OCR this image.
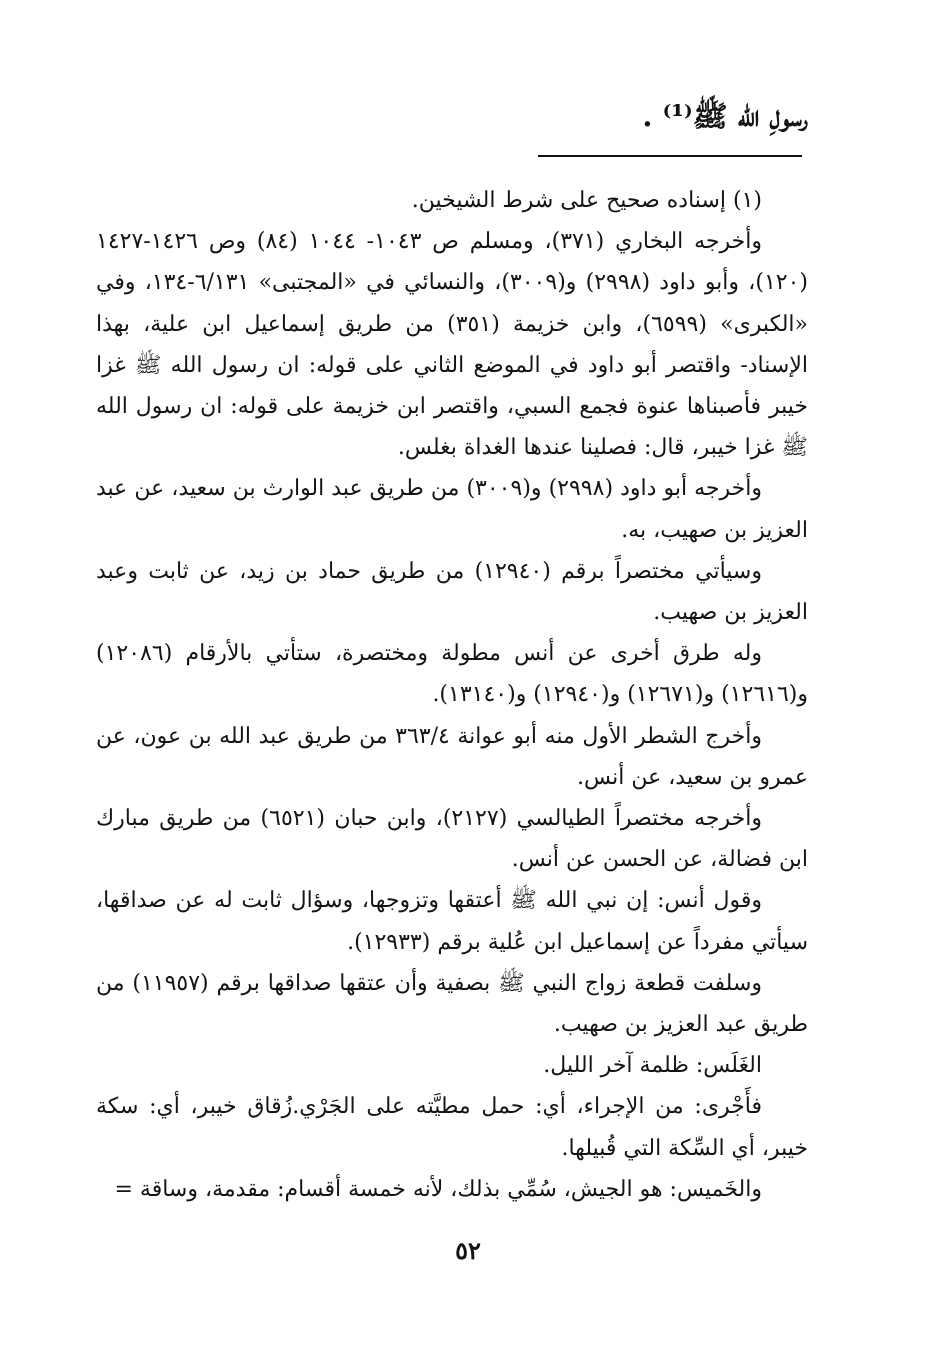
رسولِ الله ﷺ⁽¹⁾ .

(١) إسناده صحيح على شرط الشيخين.

وأخرجه البخاري (٣٧١)، ومسلم ص ١٠٤٣- ١٠٤٤ (٨٤) وص ١٤٢٦-١٤٢٧ (١٢٠)، وأبو داود (٢٩٩٨) و(٣٠٠٩)، والنسائي في «المجتبى» ٦/١٣١-١٣٤، وفي «الكبرى» (٦٥٩٩)، وابن خزيمة (٣٥١) من طريق إسماعيل ابن علية، بهذا الإسناد- واقتصر أبو داود في الموضع الثاني على قوله: ان رسول الله ﷺ غزا خيبر فأصبناها عنوة فجمع السبي، واقتصر ابن خزيمة على قوله: ان رسول الله ﷺ غزا خيبر، قال: فصلينا عندها الغداة بغلس.

وأخرجه أبو داود (٢٩٩٨) و(٣٠٠٩) من طريق عبد الوارث بن سعيد، عن عبد العزيز بن صهيب، به.

وسيأتي مختصراً برقم (١٢٩٤٠) من طريق حماد بن زيد، عن ثابت وعبد العزيز بن صهيب.

وله طرق أخرى عن أنس مطولة ومختصرة، ستأتي بالأرقام (١٢٠٨٦) و(١٢٦١٦) و(١٢٦٧١) و(١٢٩٤٠) و(١٣١٤٠).

وأخرج الشطر الأول منه أبو عوانة ٣٦٣/٤ من طريق عبد الله بن عون، عن عمرو بن سعيد، عن أنس.

وأخرجه مختصراً الطيالسي (٢١٢٧)، وابن حبان (٦٥٢١) من طريق مبارك ابن فضالة، عن الحسن عن أنس.

وقول أنس: إن نبي الله ﷺ أعتقها وتزوجها، وسؤال ثابت له عن صداقها، سيأتي مفرداً عن إسماعيل ابن عُلية برقم (١٢٩٣٣).

وسلفت قطعة زواج النبي ﷺ بصفية وأن عتقها صداقها برقم (١١٩٥٧) من طريق عبد العزيز بن صهيب.

الغَلَس: ظلمة آخر الليل.

فأَجْرى: من الإجراء، أي: حمل مطيَّته على الجَرْي.زُقاق خيبر، أي: سكة خيبر، أي السِّكة التي قُبيلها.

والخَميس: هو الجيش، سُمِّي بذلك، لأنه خمسة أقسام: مقدمة، وساقة =

٥٢
